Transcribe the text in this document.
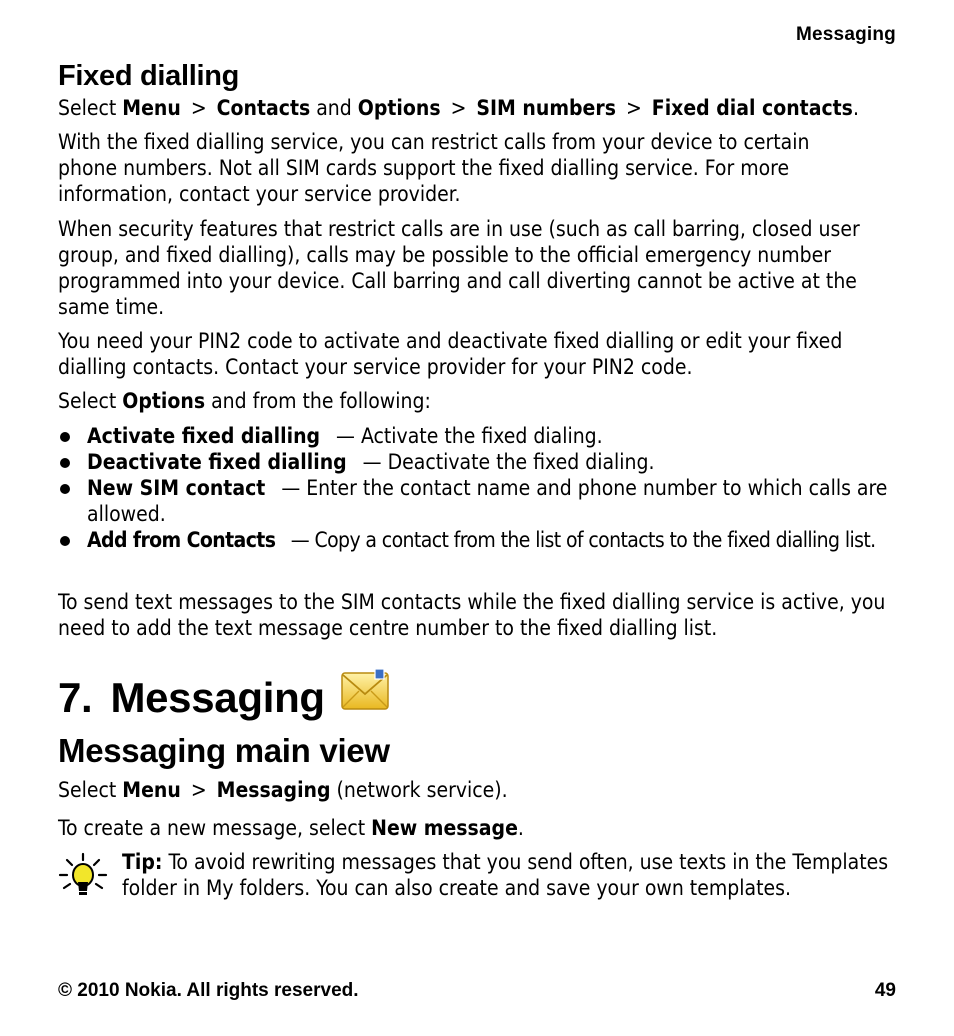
Messaging
Fixed dialling
Select Menu > Contacts and Options > SIM numbers > Fixed dial contacts.

With the fixed dialling service, you can restrict calls from your device to certain phone numbers. Not all SIM cards support the fixed dialling service. For more information, contact your service provider.

When security features that restrict calls are in use (such as call barring, closed user group, and fixed dialling), calls may be possible to the official emergency number programmed into your device. Call barring and call diverting cannot be active at the same time.

You need your PIN2 code to activate and deactivate fixed dialling or edit your fixed dialling contacts. Contact your service provider for your PIN2 code.

Select Options and from the following:
Activate fixed dialling — Activate the fixed dialing.
Deactivate fixed dialling — Deactivate the fixed dialing.
New SIM contact — Enter the contact name and phone number to which calls are allowed.
Add from Contacts — Copy a contact from the list of contacts to the fixed dialling list.

To send text messages to the SIM contacts while the fixed dialling service is active, you need to add the text message centre number to the fixed dialling list.

7. Messaging
Messaging main view
Select Menu > Messaging (network service).
To create a new message, select New message.
Tip: To avoid rewriting messages that you send often, use texts in the Templates folder in My folders. You can also create and save your own templates.
© 2010 Nokia. All rights reserved.	49
